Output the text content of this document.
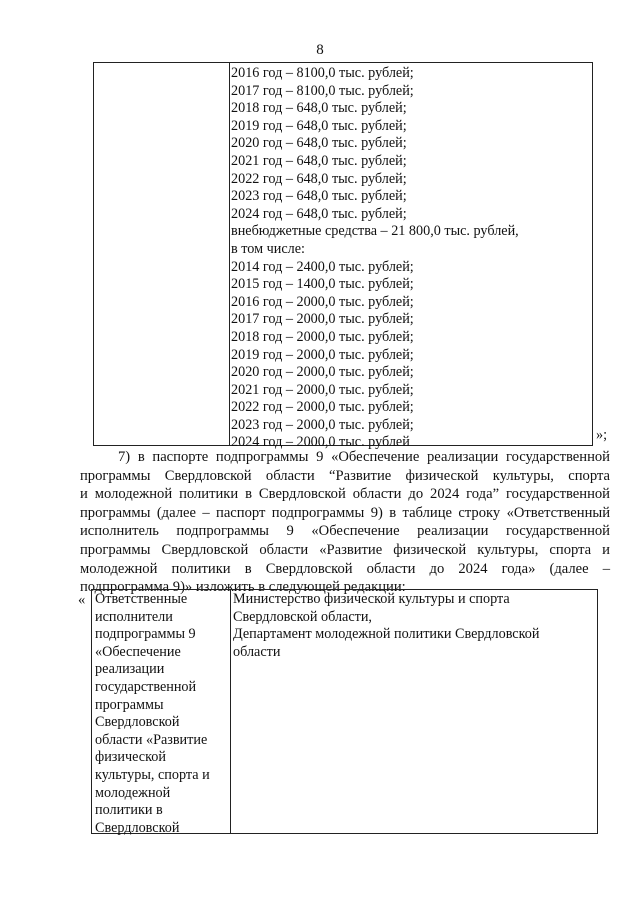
8
2016 год – 8100,0 тыс. рублей;
2017 год – 8100,0 тыс. рублей;
2018 год – 648,0 тыс. рублей;
2019 год – 648,0 тыс. рублей;
2020 год – 648,0 тыс. рублей;
2021 год – 648,0 тыс. рублей;
2022 год – 648,0 тыс. рублей;
2023 год – 648,0 тыс. рублей;
2024 год – 648,0 тыс. рублей;
внебюджетные средства – 21 800,0 тыс. рублей,
в том числе:
2014 год – 2400,0 тыс. рублей;
2015 год – 1400,0 тыс. рублей;
2016 год – 2000,0 тыс. рублей;
2017 год – 2000,0 тыс. рублей;
2018 год – 2000,0 тыс. рублей;
2019 год – 2000,0 тыс. рублей;
2020 год – 2000,0 тыс. рублей;
2021 год – 2000,0 тыс. рублей;
2022 год – 2000,0 тыс. рублей;
2023 год – 2000,0 тыс. рублей;
2024 год – 2000,0 тыс. рублей	»;
7) в паспорте подпрограммы 9 «Обеспечение реализации государственной
программы Свердловской области “Развитие физической культуры, спорта
и молодежной политики в Свердловской области до 2024 года” государственной
программы (далее – паспорт подпрограммы 9) в таблице строку «Ответственный
исполнитель подпрограммы 9 «Обеспечение реализации государственной
программы Свердловской области «Развитие физической культуры, спорта и
молодежной политики в Свердловской области до 2024 года» (далее –
подпрограмма 9)» изложить в следующей редакции:
« Ответственные
исполнители
подпрограммы 9
«Обеспечение
реализации
государственной
программы
Свердловской
области «Развитие
физической
культуры, спорта и
молодежной
политики в
Свердловской
Министерство физической культуры и спорта
Свердловской области,
Департамент молодежной политики Свердловской
области
